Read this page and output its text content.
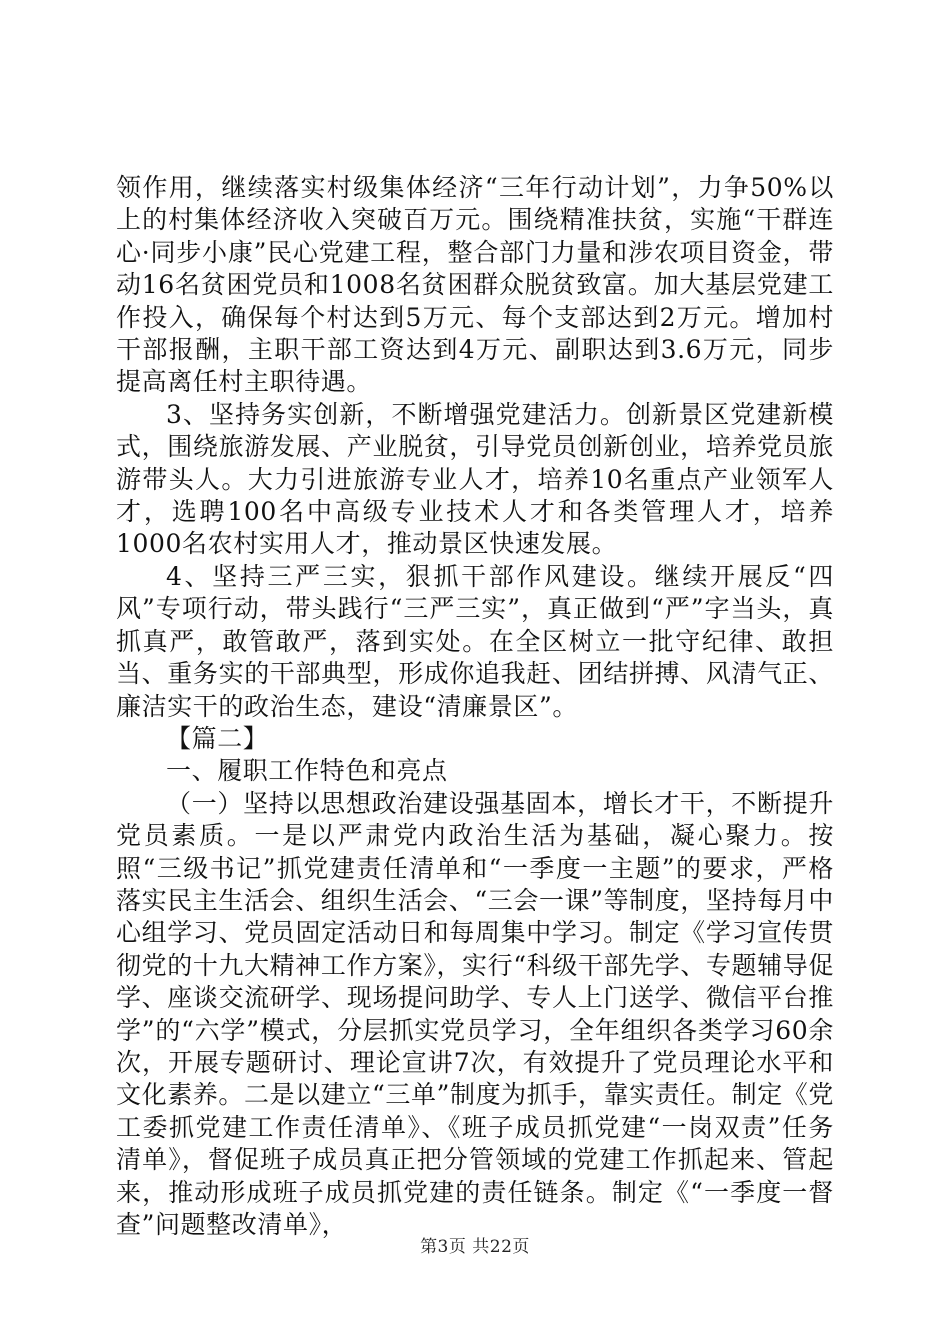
领作用，继续落实村级集体经济“三年行动计划”，力争50%以上的村集体经济收入突破百万元。围绕精准扶贫，实施“干群连心·同步小康”民心党建工程，整合部门力量和涉农项目资金，带动16名贫困党员和1008名贫困群众脱贫致富。加大基层党建工作投入，确保每个村达到5万元、每个支部达到2万元。增加村干部报酬，主职干部工资达到4万元、副职达到3.6万元，同步提高离任村主职待遇。

3、坚持务实创新，不断增强党建活力。创新景区党建新模式，围绕旅游发展、产业脱贫，引导党员创新创业，培养党员旅游带头人。大力引进旅游专业人才，培养10名重点产业领军人才，选聘100名中高级专业技术人才和各类管理人才，培养1000名农村实用人才，推动景区快速发展。

4、坚持三严三实，狠抓干部作风建设。继续开展反“四风”专项行动，带头践行“三严三实”，真正做到“严”字当头，真抓真严，敢管敢严，落到实处。在全区树立一批守纪律、敢担当、重务实的干部典型，形成你追我赶、团结拼搏、风清气正、廉洁实干的政治生态，建设“清廉景区”。

【篇二】

一、履职工作特色和亮点

（一）坚持以思想政治建设强基固本，增长才干，不断提升党员素质。一是以严肃党内政治生活为基础，凝心聚力。按照“三级书记”抓党建责任清单和“一季度一主题”的要求，严格落实民主生活会、组织生活会、“三会一课”等制度，坚持每月中心组学习、党员固定活动日和每周集中学习。制定《学习宣传贯彻党的十九大精神工作方案》，实行“科级干部先学、专题辅导促学、座谈交流研学、现场提问助学、专人上门送学、微信平台推学”的“六学”模式，分层抓实党员学习，全年组织各类学习60余次，开展专题研讨、理论宣讲7次，有效提升了党员理论水平和文化素养。二是以建立“三单”制度为抓手，靠实责任。制定《党工委抓党建工作责任清单》、《班子成员抓党建“一岗双责”任务清单》，督促班子成员真正把分管领域的党建工作抓起来、管起来，推动形成班子成员抓党建的责任链条。制定《“一季度一督查”问题整改清单》，

第3页 共22页
